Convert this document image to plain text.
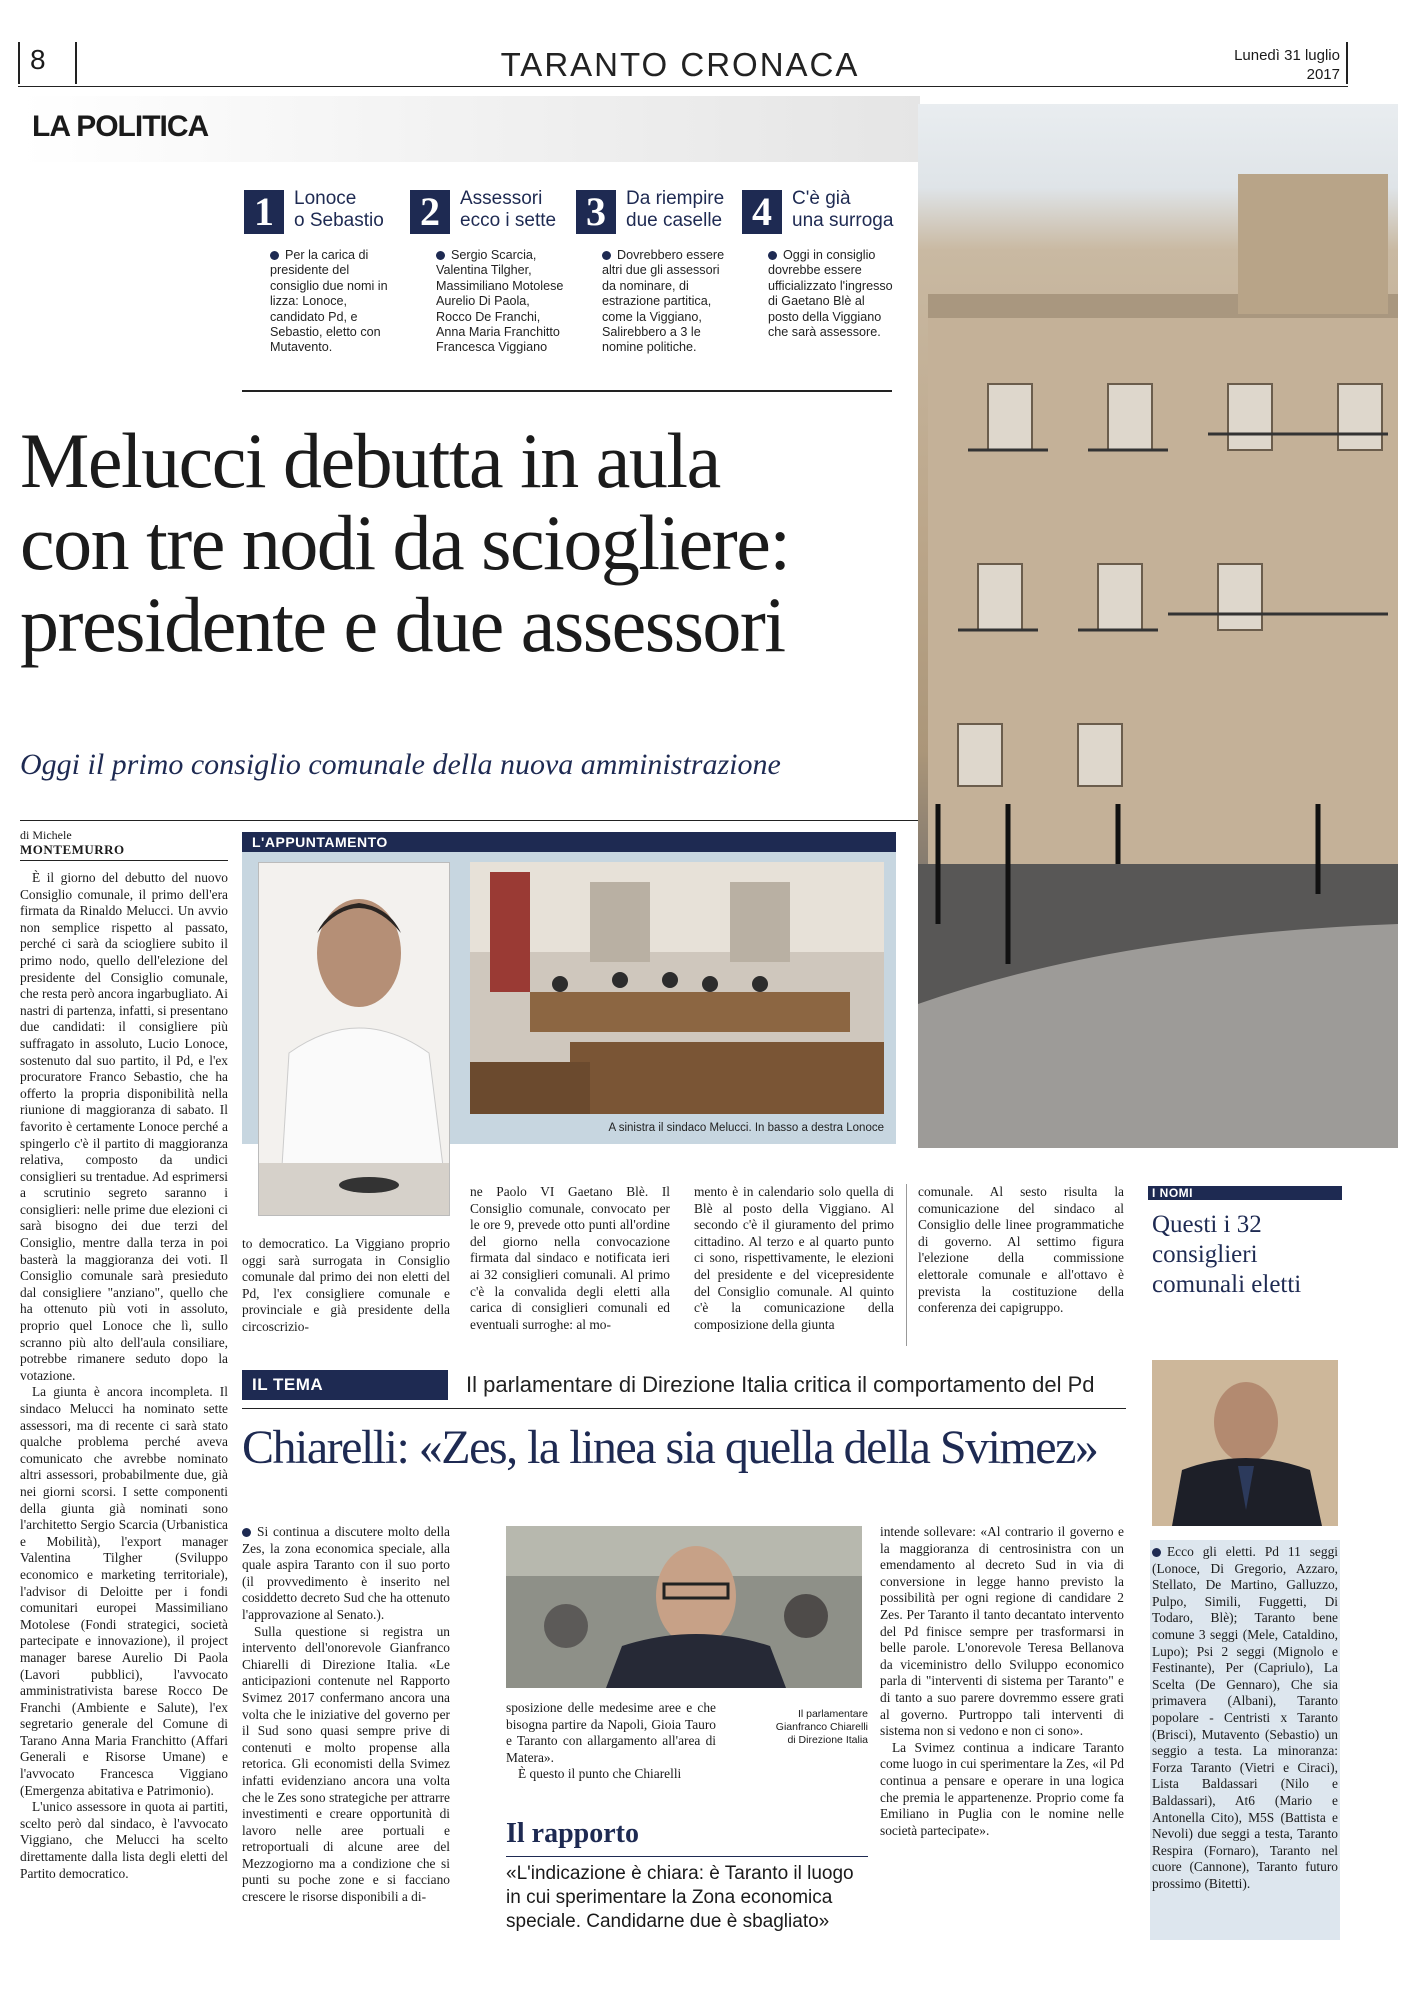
8	TARANTO CRONACA	Lunedì 31 luglio
2017
LA POLITICA
1	Lonoce
o Sebastio
Per la carica di presidente del consiglio due nomi in lizza: Lonoce, candidato Pd, e Sebastio, eletto con Mutavento.
2	Assessori
ecco i sette
Sergio Scarcia, Valentina Tilgher, Massimiliano Motolese Aurelio Di Paola, Rocco De Franchi, Anna Maria Franchitto Francesca Viggiano
3	Da riempire
due caselle
Dovrebbero essere altri due gli assessori da nominare, di estrazione partitica, come la Viggiano, Salirebbero a 3 le nomine politiche.
4	C'è già
una surroga
Oggi in consiglio dovrebbe essere ufficializzato l'ingresso di Gaetano Blè al posto della Viggiano che sarà assessore.
Melucci debutta in aula
con tre nodi da sciogliere:
presidente e due assessori
Oggi il primo consiglio comunale della nuova amministrazione
di Michele
MONTEMURRO

È il giorno del debutto del nuovo Consiglio comunale, il primo dell'era firmata da Rinaldo Melucci. Un avvio non semplice rispetto al passato, perché ci sarà da sciogliere subito il primo nodo, quello dell'elezione del presidente del Consiglio comunale, che resta però ancora ingarbugliato. Ai nastri di partenza, infatti, si presentano due candidati: il consigliere più suffragato in assoluto, Lucio Lonoce, sostenuto dal suo partito, il Pd, e l'ex procuratore Franco Sebastio, che ha offerto la propria disponibilità nella riunione di maggioranza di sabato. Il favorito è certamente Lonoce perché a spingerlo c'è il partito di maggioranza relativa, composto da undici consiglieri su trentadue. Ad esprimersi a scrutinio segreto saranno i consiglieri: nelle prime due elezioni ci sarà bisogno dei due terzi del Consiglio, mentre dalla terza in poi basterà la maggioranza dei voti. Il Consiglio comunale sarà presieduto dal consigliere "anziano", quello che ha ottenuto più voti in assoluto, proprio quel Lonoce che lì, sullo scranno più alto dell'aula consiliare, potrebbe rimanere seduto dopo la votazione.

La giunta è ancora incompleta. Il sindaco Melucci ha nominato sette assessori, ma di recente ci sarà stato qualche problema perché aveva comunicato che avrebbe nominato altri assessori, probabilmente due, già nei giorni scorsi. I sette componenti della giunta già nominati sono l'architetto Sergio Scarcia (Urbanistica e Mobilità), l'export manager Valentina Tilgher (Sviluppo economico e marketing territoriale), l'advisor di Deloitte per i fondi comunitari europei Massimiliano Motolese (Fondi strategici, società partecipate e innovazione), il project manager barese Aurelio Di Paola (Lavori pubblici), l'avvocato amministrativista barese Rocco De Franchi (Ambiente e Salute), l'ex segretario generale del Comune di Tarano Anna Maria Franchitto (Affari Generali e Risorse Umane) e l'avvocato Francesca Viggiano (Emergenza abitativa e Patrimonio).

L'unico assessore in quota ai partiti, scelto però dal sindaco, è l'avvocato Viggiano, che Melucci ha scelto direttamente dalla lista degli eletti del Partito democratico.

L'APPUNTAMENTO
A sinistra il sindaco Melucci. In basso a destra Lonoce
to democratico. La Viggiano proprio oggi sarà surrogata in Consiglio comunale dal primo dei non eletti del Pd, l'ex consigliere comunale e provinciale e già presidente della circoscrizio-
ne Paolo VI Gaetano Blè. Il Consiglio comunale, convocato per le ore 9, prevede otto punti all'ordine del giorno nella convocazione firmata dal sindaco e notificata ieri ai 32 consiglieri comunali. Al primo c'è la convalida degli eletti alla carica di consiglieri comunali ed eventuali surroghe: al mo-
mento è in calendario solo quella di Blè al posto della Viggiano. Al secondo c'è il giuramento del primo cittadino. Al terzo e al quarto punto ci sono, rispettivamente, le elezioni del presidente e del vicepresidente del Consiglio comunale. Al quinto c'è la comunicazione della composizione della giunta
comunale. Al sesto risulta la comunicazione del sindaco al Consiglio delle linee programmatiche di governo. Al settimo figura l'elezione della commissione elettorale comunale e all'ottavo è prevista la costituzione della conferenza dei capigruppo.
I NOMI
Questi i 32 consiglieri comunali eletti

Ecco gli eletti. Pd 11 seggi (Lonoce, Di Gregorio, Azzaro, Stellato, De Martino, Galluzzo, Pulpo, Simili, Fuggetti, Di Todaro, Blè); Taranto bene comune 3 seggi (Mele, Cataldino, Lupo); Psi 2 seggi (Mignolo e Festinante), Per (Capriulo), La Scelta (De Gennaro), Che sia primavera (Albani), Taranto popolare - Centristi x Taranto (Brisci), Mutavento (Sebastio) un seggio a testa. La minoranza: Forza Taranto (Vietri e Ciraci), Lista Baldassari (Nilo e Baldassari), At6 (Mario e Antonella Cito), M5S (Battista e Nevoli) due seggi a testa, Taranto Respira (Fornaro), Taranto nel cuore (Cannone), Taranto futuro prossimo (Bitetti).

IL TEMA	Il parlamentare di Direzione Italia critica il comportamento del Pd
Chiarelli: «Zes, la linea sia quella della Svimez»

Si continua a discutere molto della Zes, la zona economica speciale, alla quale aspira Taranto con il suo porto (il provvedimento è inserito nel cosiddetto decreto Sud che ha ottenuto l'approvazione al Senato.).

Sulla questione si registra un intervento dell'onorevole Gianfranco Chiarelli di Direzione Italia. «Le anticipazioni contenute nel Rapporto Svimez 2017 confermano ancora una volta che le iniziative del governo per il Sud sono quasi sempre prive di contenuti e molto propense alla retorica. Gli economisti della Svimez infatti evidenziano ancora una volta che le Zes sono strategiche per attrarre investimenti e creare opportunità di lavoro nelle aree portuali e retroportuali di alcune aree del Mezzogiorno ma a condizione che si punti su poche zone e si facciano crescere le risorse disponibili a di-

sposizione delle medesime aree e che bisogna partire da Napoli, Gioia Tauro e Taranto con allargamento all'area di Matera».

È questo il punto che Chiarelli

Il parlamentare Gianfranco Chiarelli di Direzione Italia
Il rapporto
«L'indicazione è chiara: è Taranto il luogo in cui sperimentare la Zona economica speciale. Candidarne due è sbagliato»

intende sollevare: «Al contrario il governo e la maggioranza di centrosinistra con un emendamento al decreto Sud in via di conversione in legge hanno previsto la possibilità per ogni regione di candidare 2 Zes. Per Taranto il tanto decantato intervento del Pd finisce sempre per trasformarsi in belle parole. L'onorevole Teresa Bellanova da viceministro dello Sviluppo economico parla di "interventi di sistema per Taranto" e di tanto a suo parere dovremmo essere grati al governo. Purtroppo tali interventi di sistema non si vedono e non ci sono».

La Svimez continua a indicare Taranto come luogo in cui sperimentare la Zes, «il Pd continua a pensare e operare in una logica che premia le appartenenze. Proprio come fa Emiliano in Puglia con le nomine nelle società partecipate».
